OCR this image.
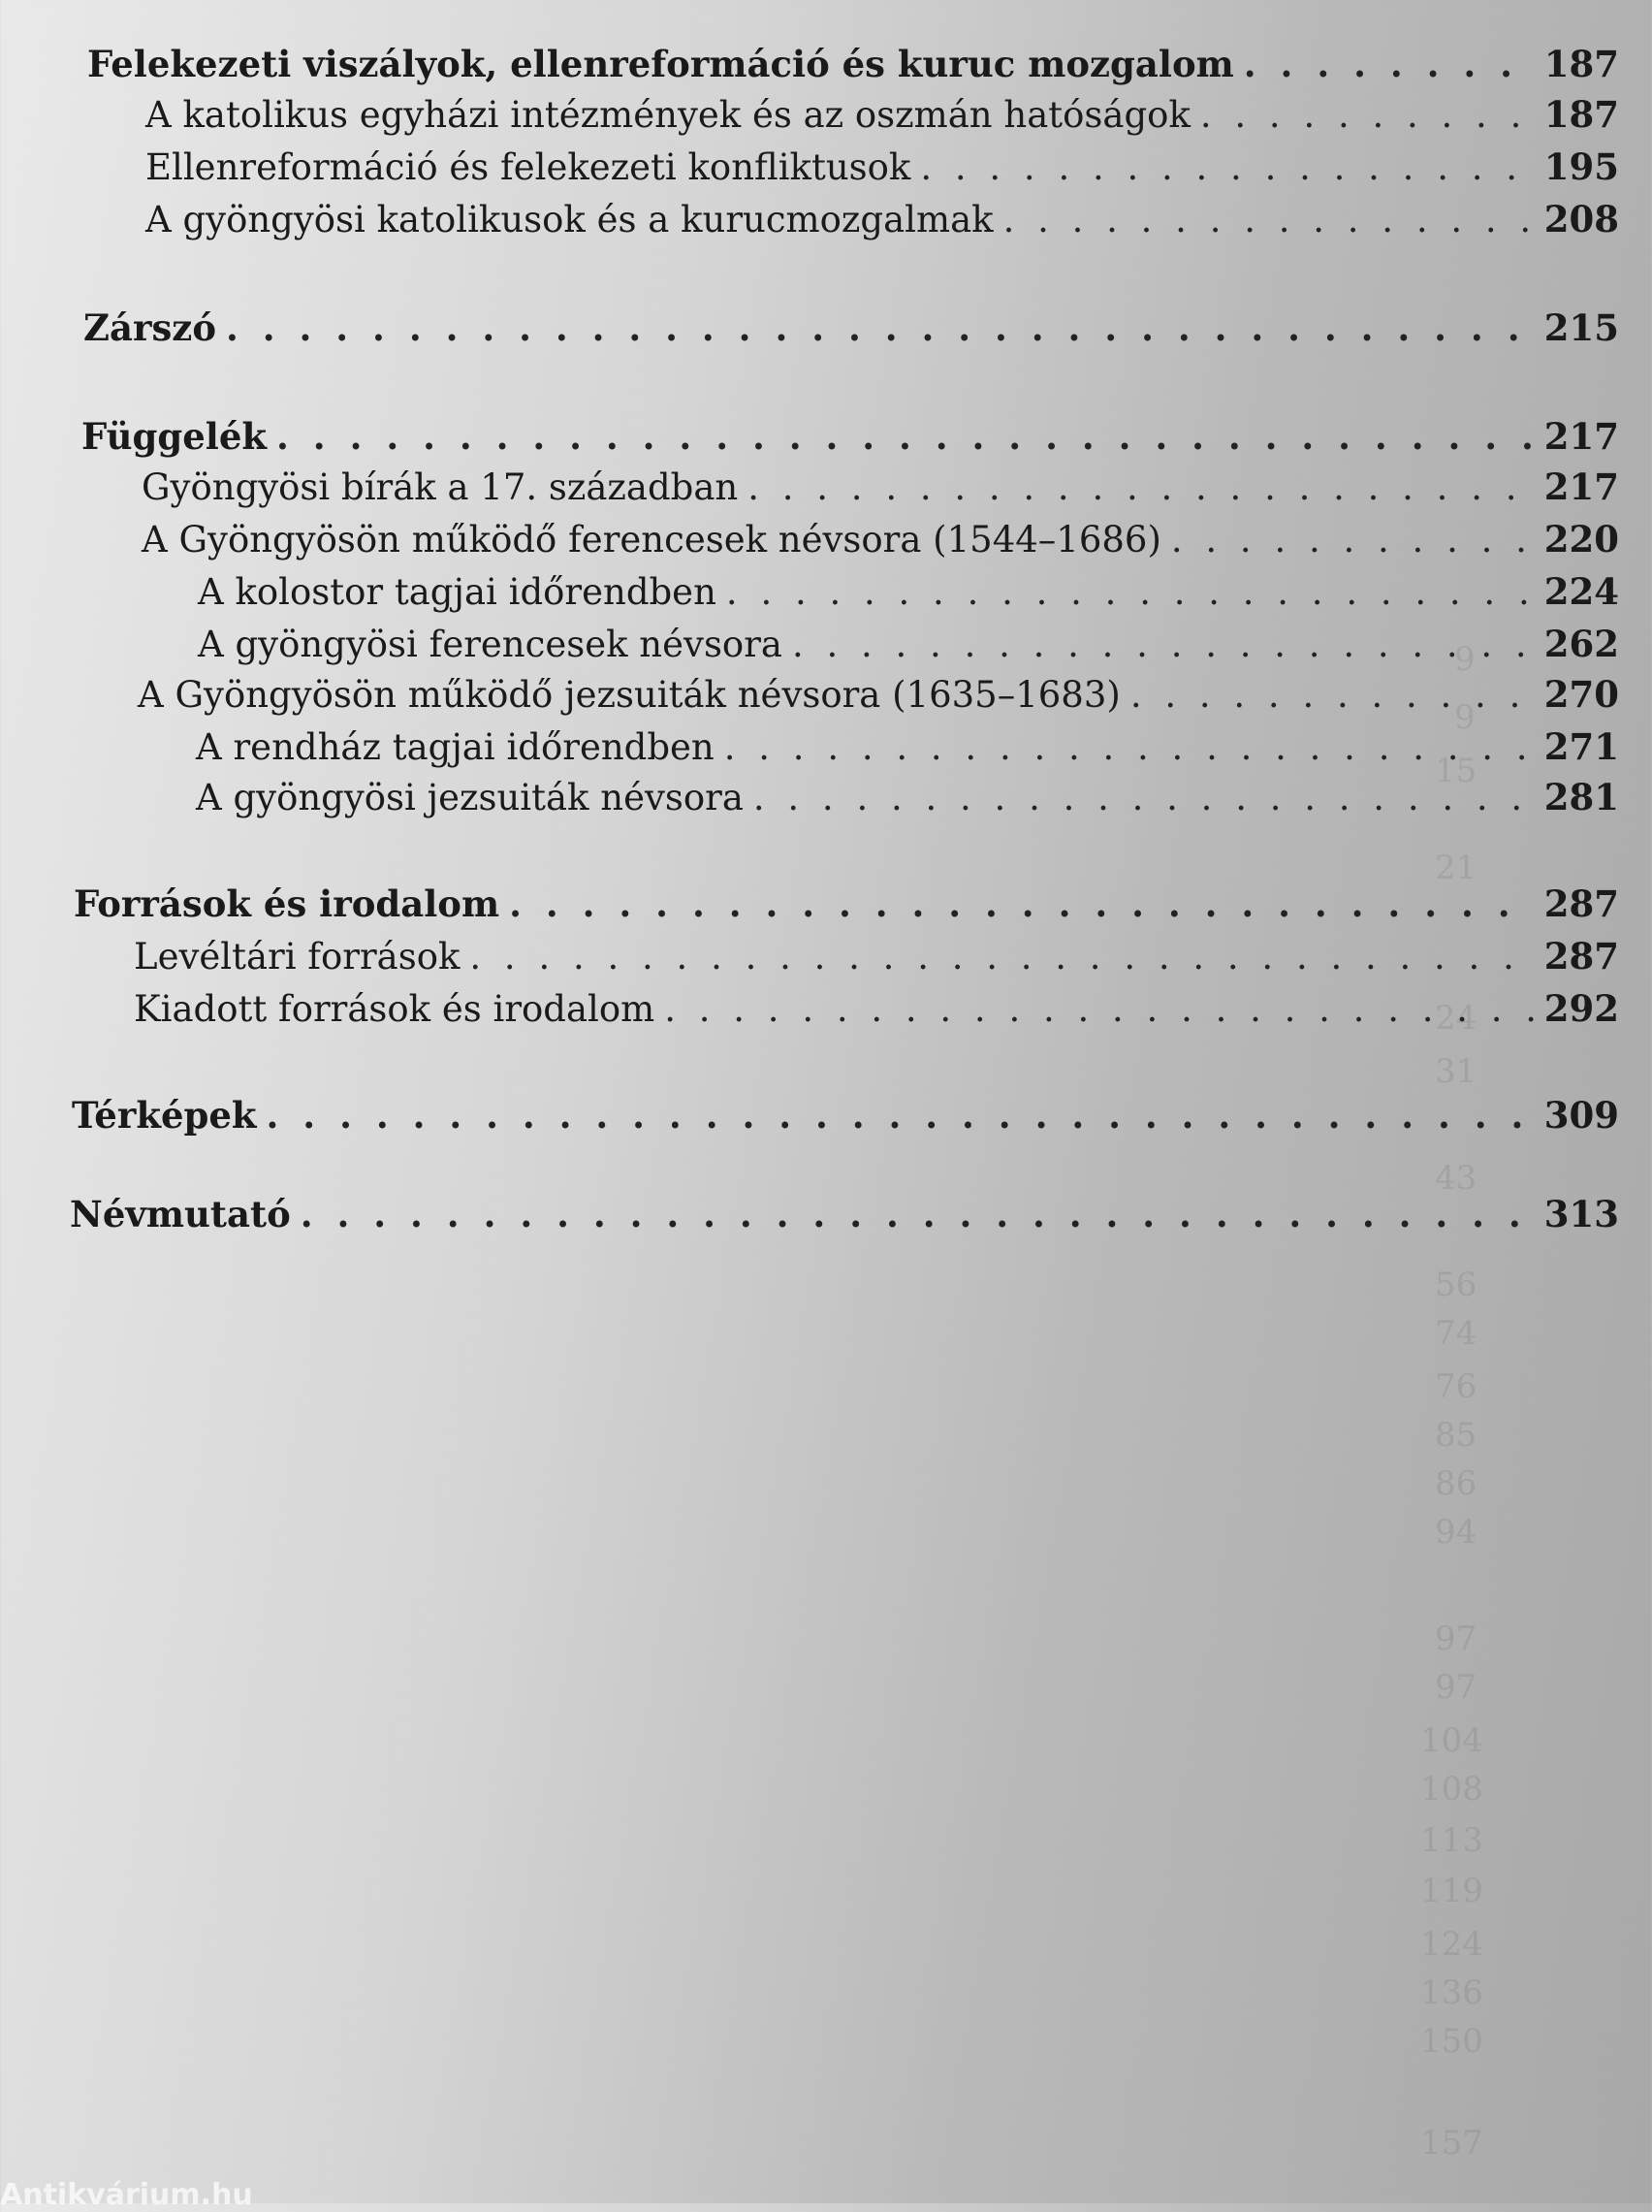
9
9
15
21
24
31
43
56
74
76
85
86
94
97
97
104
108
113
119
124
136
150
157
Felekezeti viszályok, ellenreformáció és kuruc mozgalom . . .	187
A katolikus egyházi intézmények és az oszmán hatóságok . . .	187
Ellenreformáció és felekezeti konfliktusok . . .	195
A gyöngyösi katolikusok és a kurucmozgalmak . . .	208
Zárszó . . .	215
Függelék . . .	217
Gyöngyösi bírák a 17. században . . .	217
A Gyöngyösön működő ferencesek névsora (1544–1686) . . .	220
A kolostor tagjai időrendben . . .	224
A gyöngyösi ferencesek névsora . . .	262
A Gyöngyösön működő jezsuiták névsora (1635–1683) . . .	270
A rendház tagjai időrendben . . .	271
A gyöngyösi jezsuiták névsora . . .	281
Források és irodalom . . .	287
Levéltári források . . .	287
Kiadott források és irodalom . . .	292
Térképek . . .	309
Névmutató . . .	313
Antikvárium.hu
